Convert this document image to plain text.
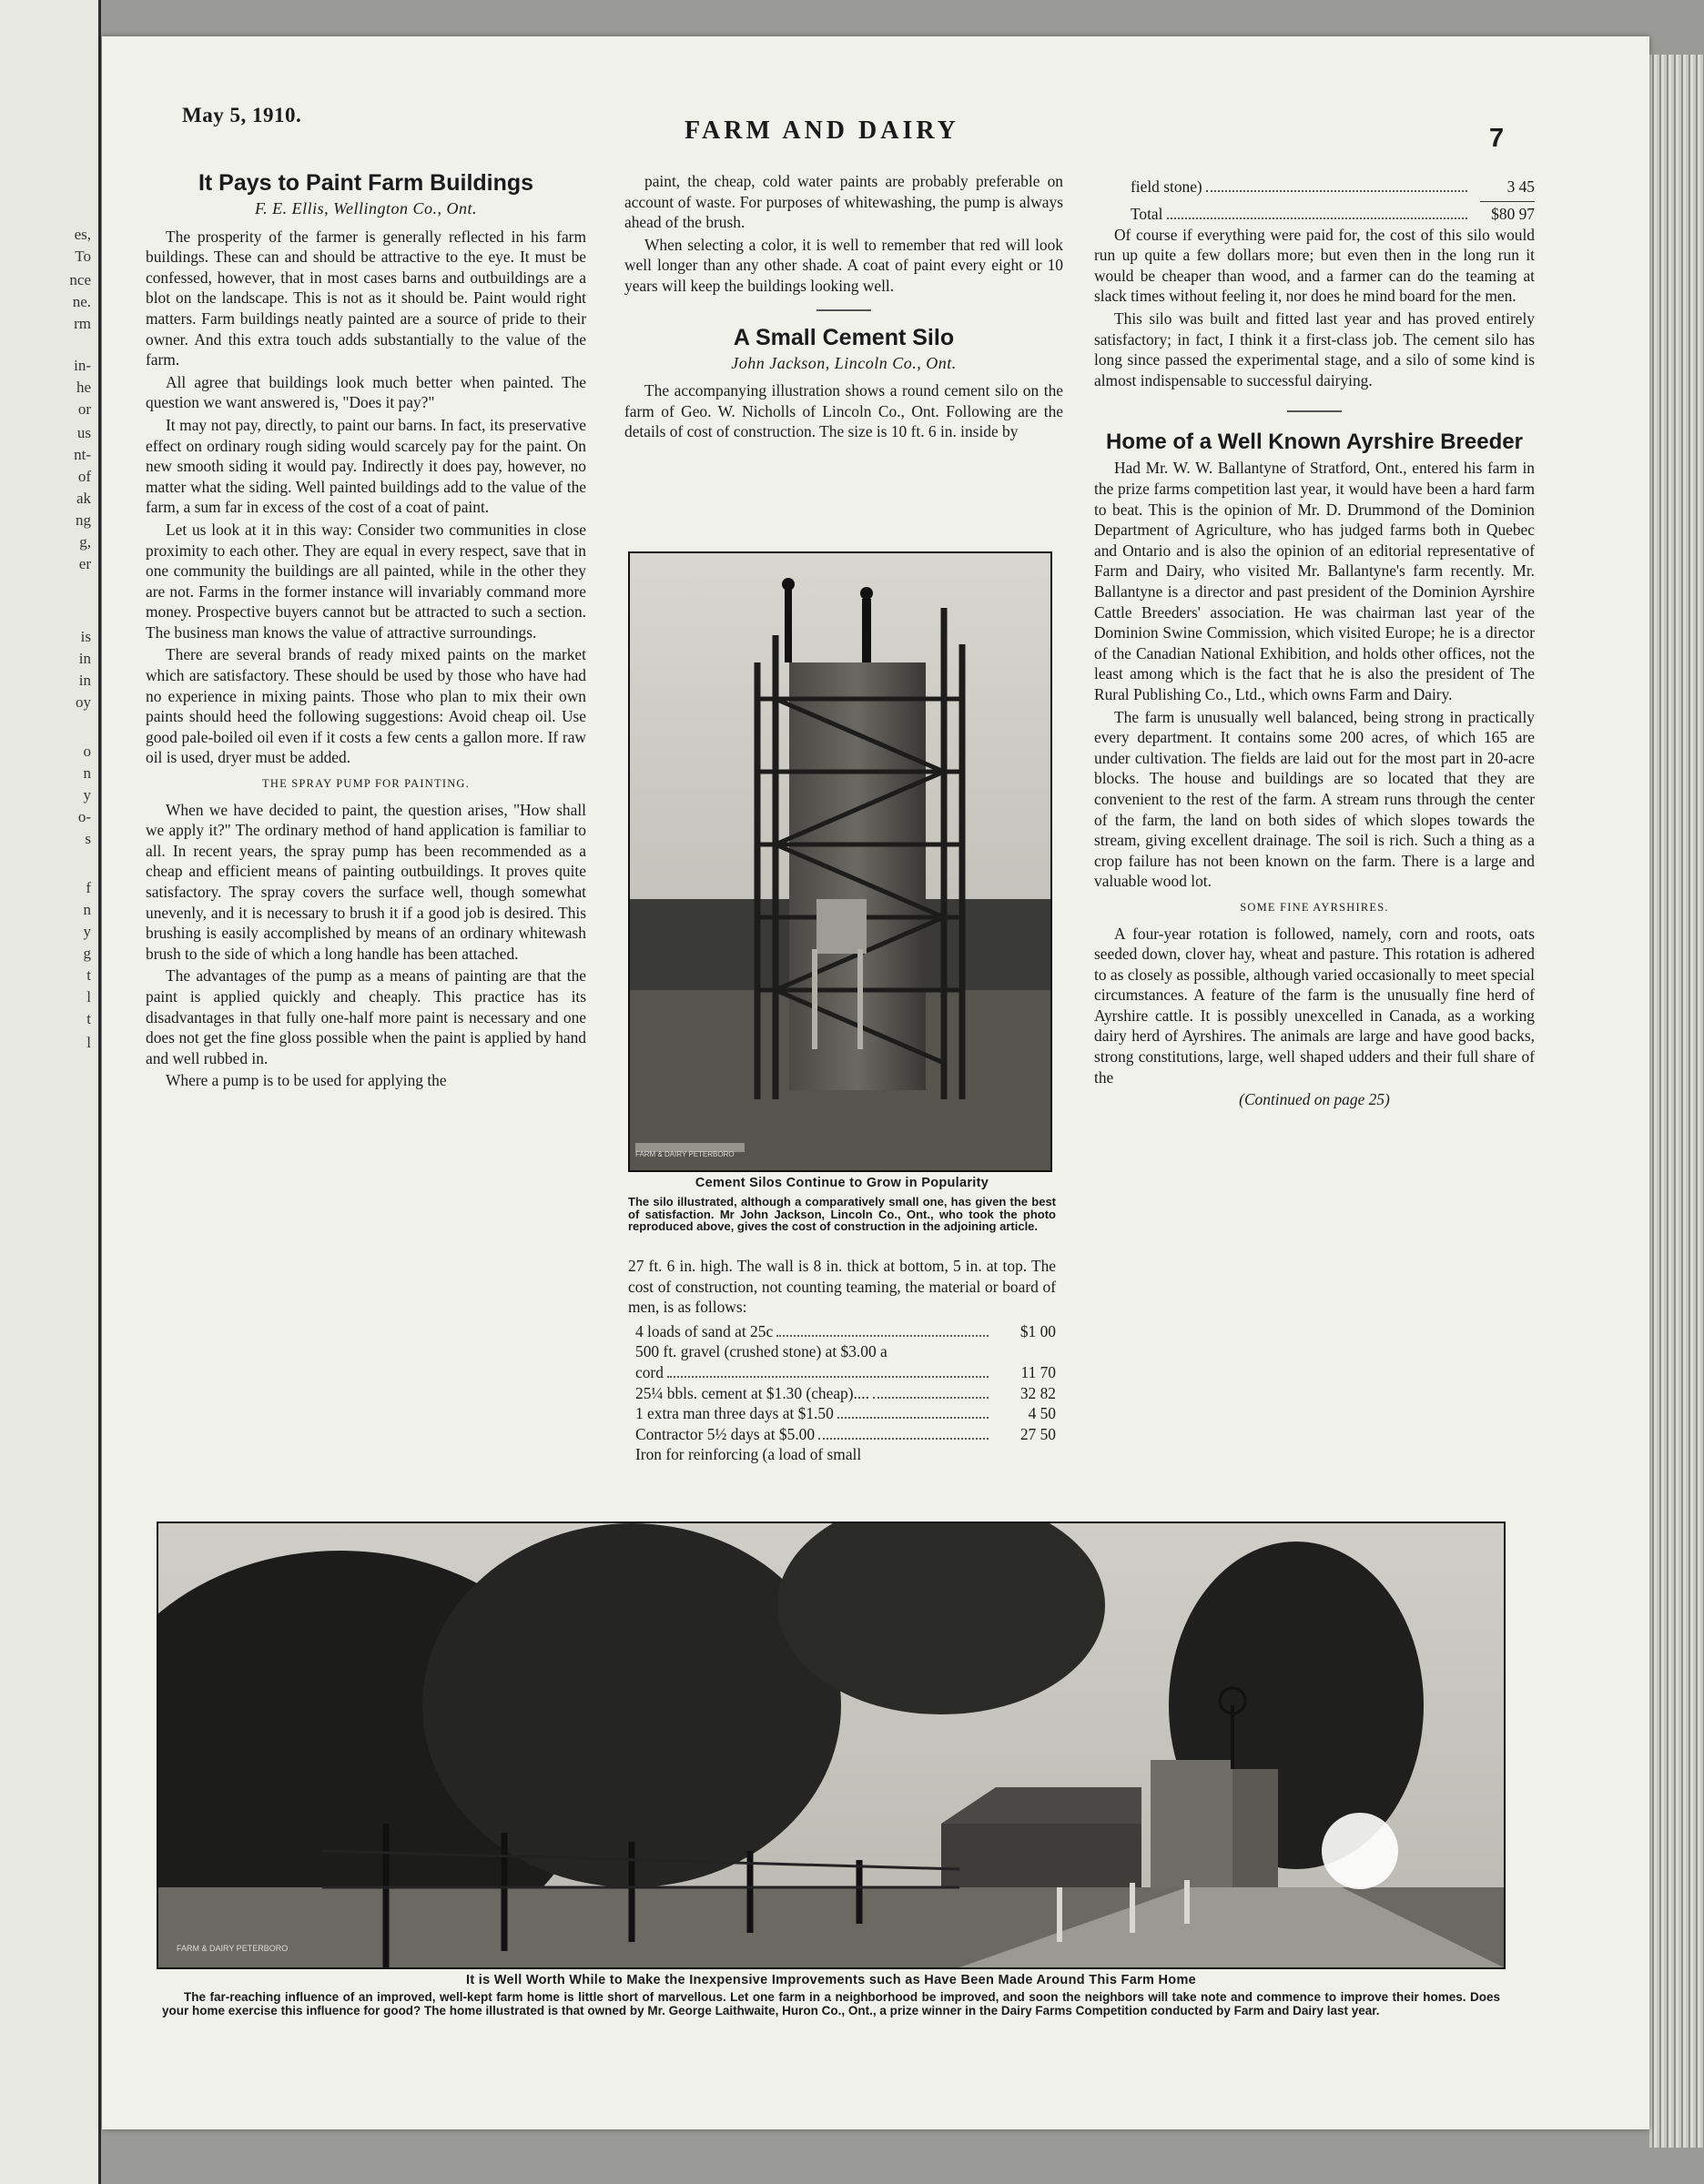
es,
To
nce
ne.
rm
in-
he
or
us
nt-
of
ak
ng
g,
er
is
in
in
oy
o
n
y
o-
s
f
n
y
g
t
l
t
l
May 5, 1910.
FARM AND DAIRY	7
It Pays to Paint Farm Buildings
F. E. Ellis, Wellington Co., Ont.

The prosperity of the farmer is generally reflected in his farm buildings. These can and should be attractive to the eye. It must be confessed, however, that in most cases barns and outbuildings are a blot on the landscape. This is not as it should be. Paint would right matters. Farm buildings neatly painted are a source of pride to their owner. And this extra touch adds substantially to the value of the farm.

All agree that buildings look much better when painted. The question we want answered is, "Does it pay?"

It may not pay, directly, to paint our barns. In fact, its preservative effect on ordinary rough siding would scarcely pay for the paint. On new smooth siding it would pay. Indirectly it does pay, however, no matter what the siding. Well painted buildings add to the value of the farm, a sum far in excess of the cost of a coat of paint.

Let us look at it in this way: Consider two communities in close proximity to each other. They are equal in every respect, save that in one community the buildings are all painted, while in the other they are not. Farms in the former instance will invariably command more money. Prospective buyers cannot but be attracted to such a section. The business man knows the value of attractive surroundings.

There are several brands of ready mixed paints on the market which are satisfactory. These should be used by those who have had no experience in mixing paints. Those who plan to mix their own paints should heed the following suggestions: Avoid cheap oil. Use good pale-boiled oil even if it costs a few cents a gallon more. If raw oil is used, dryer must be added.

THE SPRAY PUMP FOR PAINTING.

When we have decided to paint, the question arises, "How shall we apply it?" The ordinary method of hand application is familiar to all. In recent years, the spray pump has been recommended as a cheap and efficient means of painting outbuildings. It proves quite satisfactory. The spray covers the surface well, though somewhat unevenly, and it is necessary to brush it if a good job is desired. This brushing is easily accomplished by means of an ordinary whitewash brush to the side of which a long handle has been attached.

The advantages of the pump as a means of painting are that the paint is applied quickly and cheaply. This practice has its disadvantages in that fully one-half more paint is necessary and one does not get the fine gloss possible when the paint is applied by hand and well rubbed in.

Where a pump is to be used for applying the

paint, the cheap, cold water paints are probably preferable on account of waste. For purposes of whitewashing, the pump is always ahead of the brush.

When selecting a color, it is well to remember that red will look well longer than any other shade. A coat of paint every eight or 10 years will keep the buildings looking well.

A Small Cement Silo
John Jackson, Lincoln Co., Ont.

The accompanying illustration shows a round cement silo on the farm of Geo. W. Nicholls of Lincoln Co., Ont. Following are the details of cost of construction. The size is 10 ft. 6 in. inside by

Cement Silos Continue to Grow in Popularity
The silo illustrated, although a comparatively small one, has given the best of satisfaction. Mr John Jackson, Lincoln Co., Ont., who took the photo reproduced above, gives the cost of construction in the adjoining article.

27 ft. 6 in. high. The wall is 8 in. thick at bottom, 5 in. at top. The cost of construction, not counting teaming, the material or board of men, is as follows:

4 loads of sand at 25c	$1 00
500 ft. gravel (crushed stone) at $3.00 a
cord	11 70
25¼ bbls. cement at $1.30 (cheap)....	32 82
1 extra man three days at $1.50	4 50
Contractor 5½ days at $5.00	27 50
Iron for reinforcing (a load of small
field stone)	3 45
Total	$80 97

Of course if everything were paid for, the cost of this silo would run up quite a few dollars more; but even then in the long run it would be cheaper than wood, and a farmer can do the teaming at slack times without feeling it, nor does he mind board for the men.

This silo was built and fitted last year and has proved entirely satisfactory; in fact, I think it a first-class job. The cement silo has long since passed the experimental stage, and a silo of some kind is almost indispensable to successful dairying.

Home of a Well Known Ayrshire Breeder

Had Mr. W. W. Ballantyne of Stratford, Ont., entered his farm in the prize farms competition last year, it would have been a hard farm to beat. This is the opinion of Mr. D. Drummond of the Dominion Department of Agriculture, who has judged farms both in Quebec and Ontario and is also the opinion of an editorial representative of Farm and Dairy, who visited Mr. Ballantyne's farm recently. Mr. Ballantyne is a director and past president of the Dominion Ayrshire Cattle Breeders' association. He was chairman last year of the Dominion Swine Commission, which visited Europe; he is a director of the Canadian National Exhibition, and holds other offices, not the least among which is the fact that he is also the president of The Rural Publishing Co., Ltd., which owns Farm and Dairy.

The farm is unusually well balanced, being strong in practically every department. It contains some 200 acres, of which 165 are under cultivation. The fields are laid out for the most part in 20-acre blocks. The house and buildings are so located that they are convenient to the rest of the farm. A stream runs through the center of the farm, the land on both sides of which slopes towards the stream, giving excellent drainage. The soil is rich. Such a thing as a crop failure has not been known on the farm. There is a large and valuable wood lot.

SOME FINE AYRSHIRES.

A four-year rotation is followed, namely, corn and roots, oats seeded down, clover hay, wheat and pasture. This rotation is adhered to as closely as possible, although varied occasionally to meet special circumstances. A feature of the farm is the unusually fine herd of Ayrshire cattle. It is possibly unexcelled in Canada, as a working dairy herd of Ayrshires. The animals are large and have good backs, strong constitutions, large, well shaped udders and their full share of the

(Continued on page 25)
FARM & DAIRY PETERBORO
It is Well Worth While to Make the Inexpensive Improvements such as Have Been Made Around This Farm Home
The far-reaching influence of an improved, well-kept farm home is little short of marvellous. Let one farm in a neighborhood be improved, and soon the neighbors will take note and commence to improve their homes. Does your home exercise this influence for good? The home illustrated is that owned by Mr. George Laithwaite, Huron Co., Ont., a prize winner in the Dairy Farms Competition conducted by Farm and Dairy last year.
FARM & DAIRY PETERBORO
